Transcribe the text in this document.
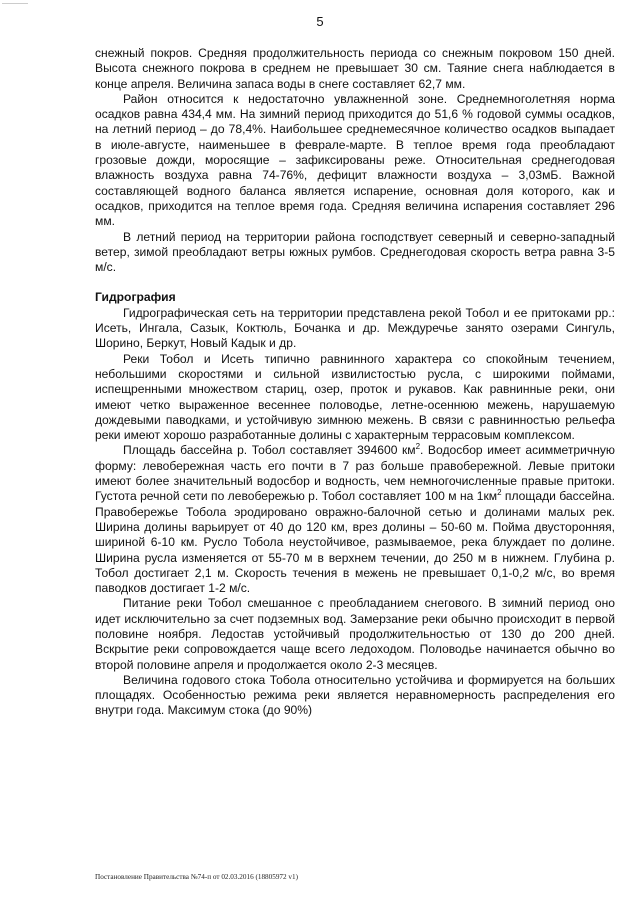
5

снежный покров. Средняя продолжительность периода со снежным покровом 150 дней. Высота снежного покрова в среднем не превышает 30 см. Таяние снега наблюдается в конце апреля. Величина запаса воды в снеге составляет 62,7 мм.

Район относится к недостаточно увлажненной зоне. Среднемноголетняя норма осадков равна 434,4 мм. На зимний период приходится до 51,6 % годовой суммы осадков, на летний период – до 78,4%. Наибольшее среднемесячное количество осадков выпадает в июле-августе, наименьшее в феврале-марте. В теплое время года преобладают грозовые дожди, моросящие – зафиксированы реже. Относительная среднегодовая влажность воздуха равна 74-76%, дефицит влажности воздуха – 3,03мБ. Важной составляющей водного баланса является испарение, основная доля которого, как и осадков, приходится на теплое время года. Средняя величина испарения составляет 296 мм.

В летний период на территории района господствует северный и северно-западный ветер, зимой преобладают ветры южных румбов. Среднегодовая скорость ветра равна 3-5 м/с.

Гидрография

Гидрографическая сеть на территории представлена рекой Тобол и ее притоками рр.: Исеть, Ингала, Сазык, Коктюль, Бочанка и др. Междуречье занято озерами Сингуль, Шорино, Беркут, Новый Кадык и др.

Реки Тобол и Исеть типично равнинного характера со спокойным течением, небольшими скоростями и сильной извилистостью русла, с широкими поймами, испещренными множеством стариц, озер, проток и рукавов. Как равнинные реки, они имеют четко выраженное весеннее половодье, летне-осеннюю межень, нарушаемую дождевыми паводками, и устойчивую зимнюю межень. В связи с равнинностью рельефа реки имеют хорошо разработанные долины с характерным террасовым комплексом.

Площадь бассейна р. Тобол составляет 394600 $км^2$. Водосбор имеет асимметричную форму: левобережная часть его почти в 7 раз больше правобережной. Левые притоки имеют более значительный водосбор и водность, чем немногочисленные правые притоки. Густота речной сети по левобережью р. Тобол составляет 100 м на $1км^2$ площади бассейна. Правобережье Тобола эродировано овражно-балочной сетью и долинами малых рек. Ширина долины варьирует от 40 до 120 км, врез долины – 50-60 м. Пойма двусторонняя, шириной 6-10 км. Русло Тобола неустойчивое, размываемое, река блуждает по долине. Ширина русла изменяется от 55-70 м в верхнем течении, до 250 м в нижнем. Глубина р. Тобол достигает 2,1 м. Скорость течения в межень не превышает 0,1-0,2 м/с, во время паводков достигает 1-2 м/с.

Питание реки Тобол смешанное с преобладанием снегового. В зимний период оно идет исключительно за счет подземных вод. Замерзание реки обычно происходит в первой половине ноября. Ледостав устойчивый продолжительностью от 130 до 200 дней. Вскрытие реки сопровождается чаще всего ледоходом. Половодье начинается обычно во второй половине апреля и продолжается около 2-3 месяцев.

Величина годового стока Тобола относительно устойчива и формируется на больших площадях. Особенностью режима реки является неравномерность распределения его внутри года. Максимум стока (до 90%)

Постановление Правительства №74-п от 02.03.2016 (18805972 v1)
